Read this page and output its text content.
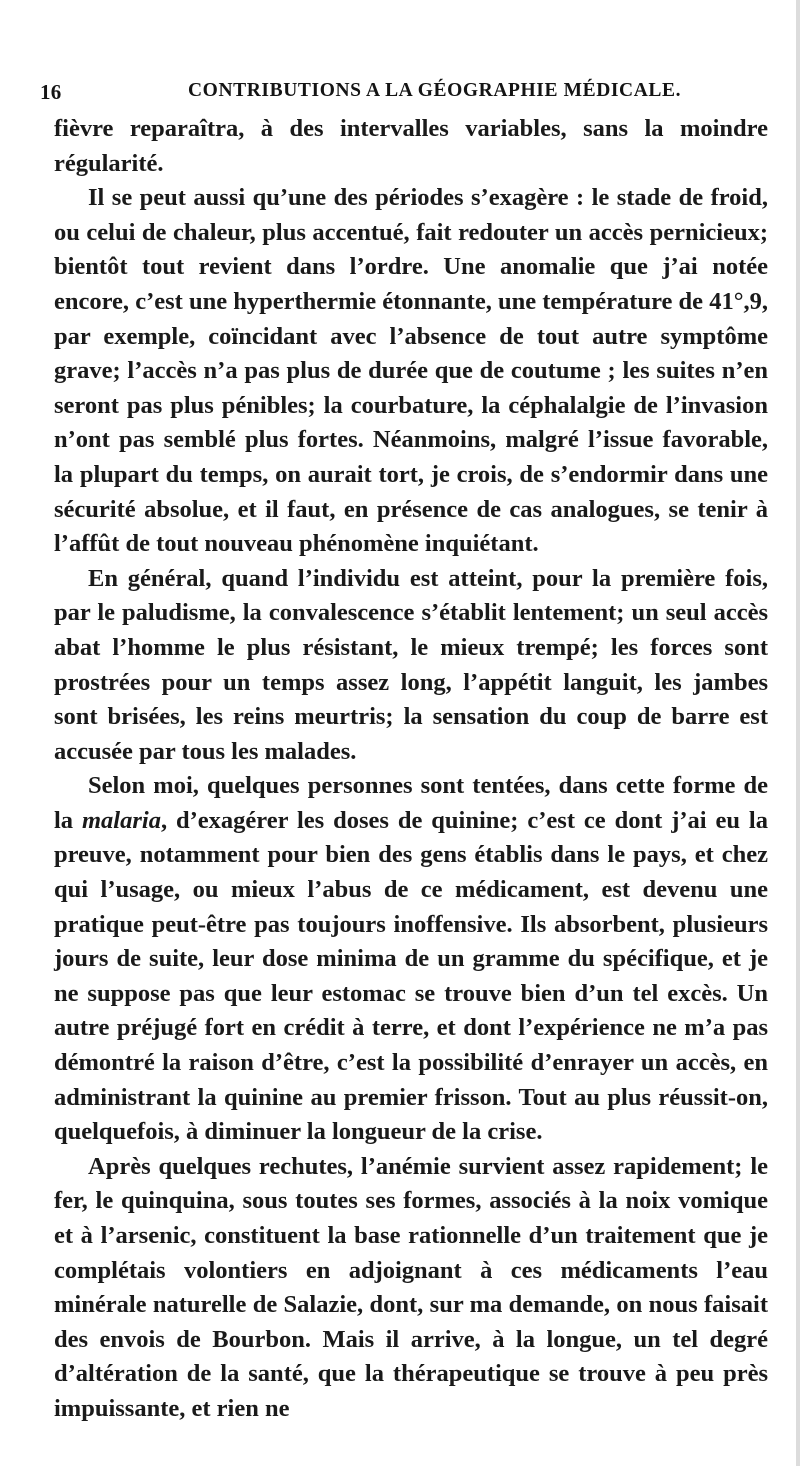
16	CONTRIBUTIONS A LA GÉOGRAPHIE MÉDICALE.

fièvre reparaîtra, à des intervalles variables, sans la moindre régularité.

Il se peut aussi qu’une des périodes s’exagère : le stade de froid, ou celui de chaleur, plus accentué, fait redouter un accès pernicieux; bientôt tout revient dans l’ordre. Une anomalie que j’ai notée encore, c’est une hyperthermie étonnante, une température de 41°,9, par exemple, coïncidant avec l’absence de tout autre symptôme grave; l’accès n’a pas plus de durée que de coutume ; les suites n’en seront pas plus pénibles; la courbature, la céphalalgie de l’invasion n’ont pas semblé plus fortes. Néanmoins, malgré l’issue favorable, la plupart du temps, on aurait tort, je crois, de s’endormir dans une sécurité absolue, et il faut, en présence de cas analogues, se tenir à l’affût de tout nouveau phénomène inquiétant.

En général, quand l’individu est atteint, pour la première fois, par le paludisme, la convalescence s’établit lentement; un seul accès abat l’homme le plus résistant, le mieux trempé; les forces sont prostrées pour un temps assez long, l’appétit languit, les jambes sont brisées, les reins meurtris; la sensation du coup de barre est accusée par tous les malades.

Selon moi, quelques personnes sont tentées, dans cette forme de la malaria, d’exagérer les doses de quinine; c’est ce dont j’ai eu la preuve, notamment pour bien des gens établis dans le pays, et chez qui l’usage, ou mieux l’abus de ce médicament, est devenu une pratique peut-être pas toujours inoffensive. Ils absorbent, plusieurs jours de suite, leur dose minima de un gramme du spécifique, et je ne suppose pas que leur estomac se trouve bien d’un tel excès. Un autre préjugé fort en crédit à terre, et dont l’expérience ne m’a pas démontré la raison d’être, c’est la possibilité d’enrayer un accès, en administrant la quinine au premier frisson. Tout au plus réussit-on, quelquefois, à diminuer la longueur de la crise.

Après quelques rechutes, l’anémie survient assez rapidement; le fer, le quinquina, sous toutes ses formes, associés à la noix vomique et à l’arsenic, constituent la base rationnelle d’un traitement que je complétais volontiers en adjoignant à ces médicaments l’eau minérale naturelle de Salazie, dont, sur ma demande, on nous faisait des envois de Bourbon. Mais il arrive, à la longue, un tel degré d’altération de la santé, que la thérapeutique se trouve à peu près impuissante, et rien ne
